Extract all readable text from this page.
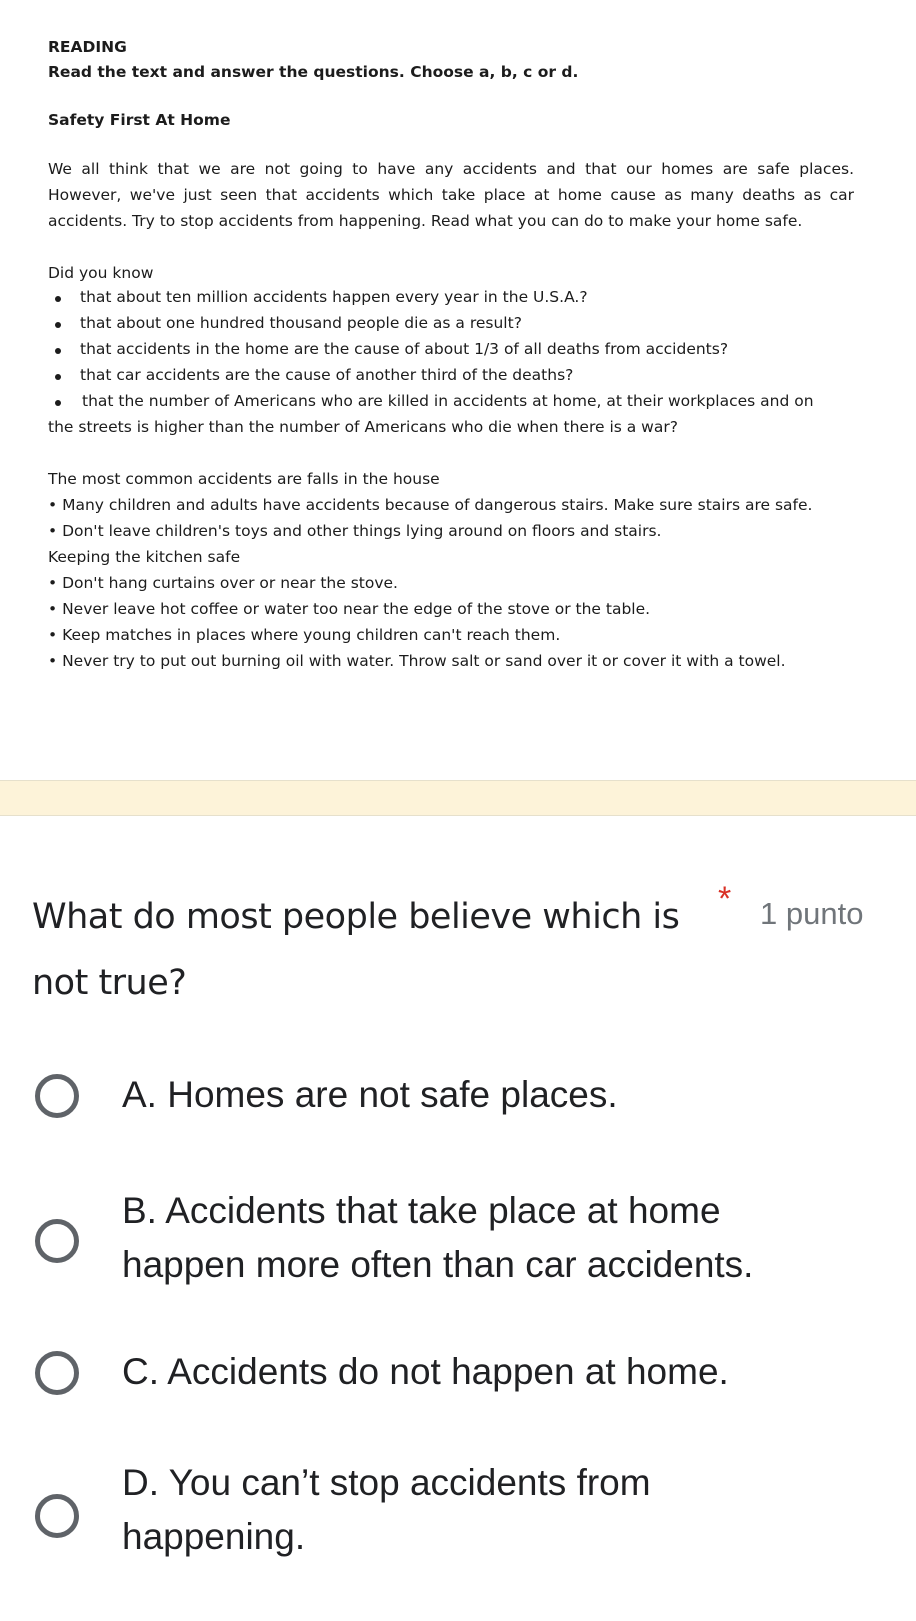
READING
Read the text and answer the questions. Choose a, b, c or d.
Safety First At Home
We all think that we are not going to have any accidents and that our homes are safe places.
However, we've just seen that accidents which take place at home cause as many deaths as car
accidents. Try to stop accidents from happening. Read what you can do to make your home safe.
Did you know
that about ten million accidents happen every year in the U.S.A.?
that about one hundred thousand people die as a result?
that accidents in the home are the cause of about 1/3 of all deaths from accidents?
that car accidents are the cause of another third of the deaths?
that the number of Americans who are killed in accidents at home, at their workplaces and on
the streets is higher than the number of Americans who die when there is a war?
The most common accidents are falls in the house
• Many children and adults have accidents because of dangerous stairs. Make sure stairs are safe.
• Don't leave children's toys and other things lying around on floors and stairs.
Keeping the kitchen safe
• Don't hang curtains over or near the stove.
• Never leave hot coffee or water too near the edge of the stove or the table.
• Keep matches in places where young children can't reach them.
• Never try to put out burning oil with water. Throw salt or sand over it or cover it with a towel.
What do most people believe which is not true?
* 1 punto
A. Homes are not safe places.
B. Accidents that take place at home happen more often than car accidents.
C. Accidents do not happen at home.
D. You can’t stop accidents from happening.
